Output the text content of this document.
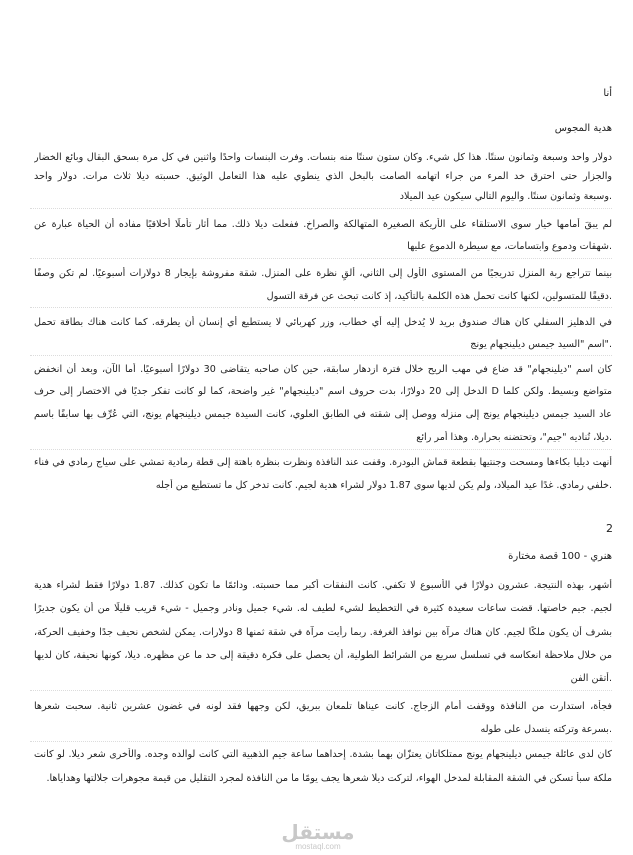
أنا
هدية المجوس
دولار واحد وسبعة وثمانون سنتًا. هذا كل شيء. وكان ستون سنتًا منه بنسات. وفرت البنسات واحدًا واثنين في كل مرة بسحق البقال وبائع الخضار
والجزار حتى احترق خد المرء من جراء اتهامه الصامت بالبخل الذي ينطوي عليه هذا التعامل الوثيق. حسبته ديلا ثلاث مرات. دولار واحد
.وسبعة وثمانون سنتًا. واليوم التالي سيكون عيد الميلاد
لم يبقَ أمامها خيار سوى الاستلقاء على الأريكة الصغيرة المتهالكة والصراخ. ففعلت ديلا ذلك. مما أثار تأملًا أخلاقيًا مفاده أن الحياة عبارة عن
.شهقات ودموع وابتسامات، مع سيطرة الدموع عليها
بينما تتراجع ربة المنزل تدريجيًا من المستوى الأول إلى الثاني، ألقِ نظرة على المنزل. شقة مفروشة بإيجار 8 دولارات أسبوعيًا. لم تكن وصفًا
.دقيقًا للمتسولين، لكنها كانت تحمل هذه الكلمة بالتأكيد، إذ كانت تبحث عن فرقة التسول
في الدهليز السفلي كان هناك صندوق بريد لا يُدخل إليه أي خطاب، وزر كهربائي لا يستطيع أي إنسان أن يطرقه. كما كانت هناك بطاقة تحمل
."اسم "السيد جيمس ديلينجهام يونج
كان اسم "ديلينجهام" قد ضاع في مهب الريح خلال فترة ازدهار سابقة، حين كان صاحبه يتقاضى 30 دولارًا أسبوعيًا. أما الآن، وبعد أن انخفض
متواضع وبسيط. ولكن كلما D الدخل إلى 20 دولارًا، بدت حروف اسم "ديلينجهام" غير واضحة، كما لو كانت تفكر جديًا في الاختصار إلى حرف
عاد السيد جيمس ديلينجهام يونج إلى منزله ووصل إلى شقته في الطابق العلوي، كانت السيدة جيمس ديلينجهام يونج، التي عُرِّف بها سابقًا باسم
.ديلا، تُناديه "جيم"، وتحتضنه بحرارة. وهذا أمر رائع
أنهت ديليا بكاءها ومسحت وجنتيها بقطعة قماش البودرة. وقفت عند النافذة ونظرت بنظرة باهتة إلى قطة رمادية تمشي على سياج رمادي في فناء
.خلفي رمادي. غدًا عيد الميلاد، ولم يكن لديها سوى 1.87 دولار لشراء هدية لجيم. كانت تدخر كل ما تستطيع من أجله
2
هنري - 100 قصة مختارة
أشهر، بهذه النتيجة. عشرون دولارًا في الأسبوع لا تكفي. كانت النفقات أكبر مما حسبته. ودائمًا ما تكون كذلك. 1.87 دولارًا فقط لشراء هدية
لجيم. جيم خاصتها. قضت ساعات سعيدة كثيرة في التخطيط لشيء لطيف له. شيء جميل ونادر وجميل - شيء قريب قليلًا من أن يكون جديرًا
بشرف أن يكون ملكًا لجيم. كان هناك مرآة بين نوافذ الغرفة. ربما رأيت مرآة في شقة ثمنها 8 دولارات. يمكن لشخص نحيف جدًا وخفيف الحركة،
من خلال ملاحظة انعكاسه في تسلسل سريع من الشرائط الطولية، أن يحصل على فكرة دقيقة إلى حد ما عن مظهره. ديلا، كونها نحيفة، كان لديها
.أتقن الفن
فجأة، استدارت من النافذة ووقفت أمام الزجاج. كانت عيناها تلمعان ببريق، لكن وجهها فقد لونه في غضون عشرين ثانية. سحبت شعرها
.بسرعة وتركته ينسدل على طوله
كان لدى عائلة جيمس ديلينجهام يونج ممتلكاتان يعتزّان بهما بشدة. إحداهما ساعة جيم الذهبية التي كانت لوالده وجده. والأخرى شعر ديلا. لو كانت
ملكة سبأ تسكن في الشقة المقابلة لمدخل الهواء، لتركت ديلا شعرها يجف يومًا ما من النافذة لمجرد التقليل من قيمة مجوهرات جلالتها وهداياها.
مستقل
mostaql.com
